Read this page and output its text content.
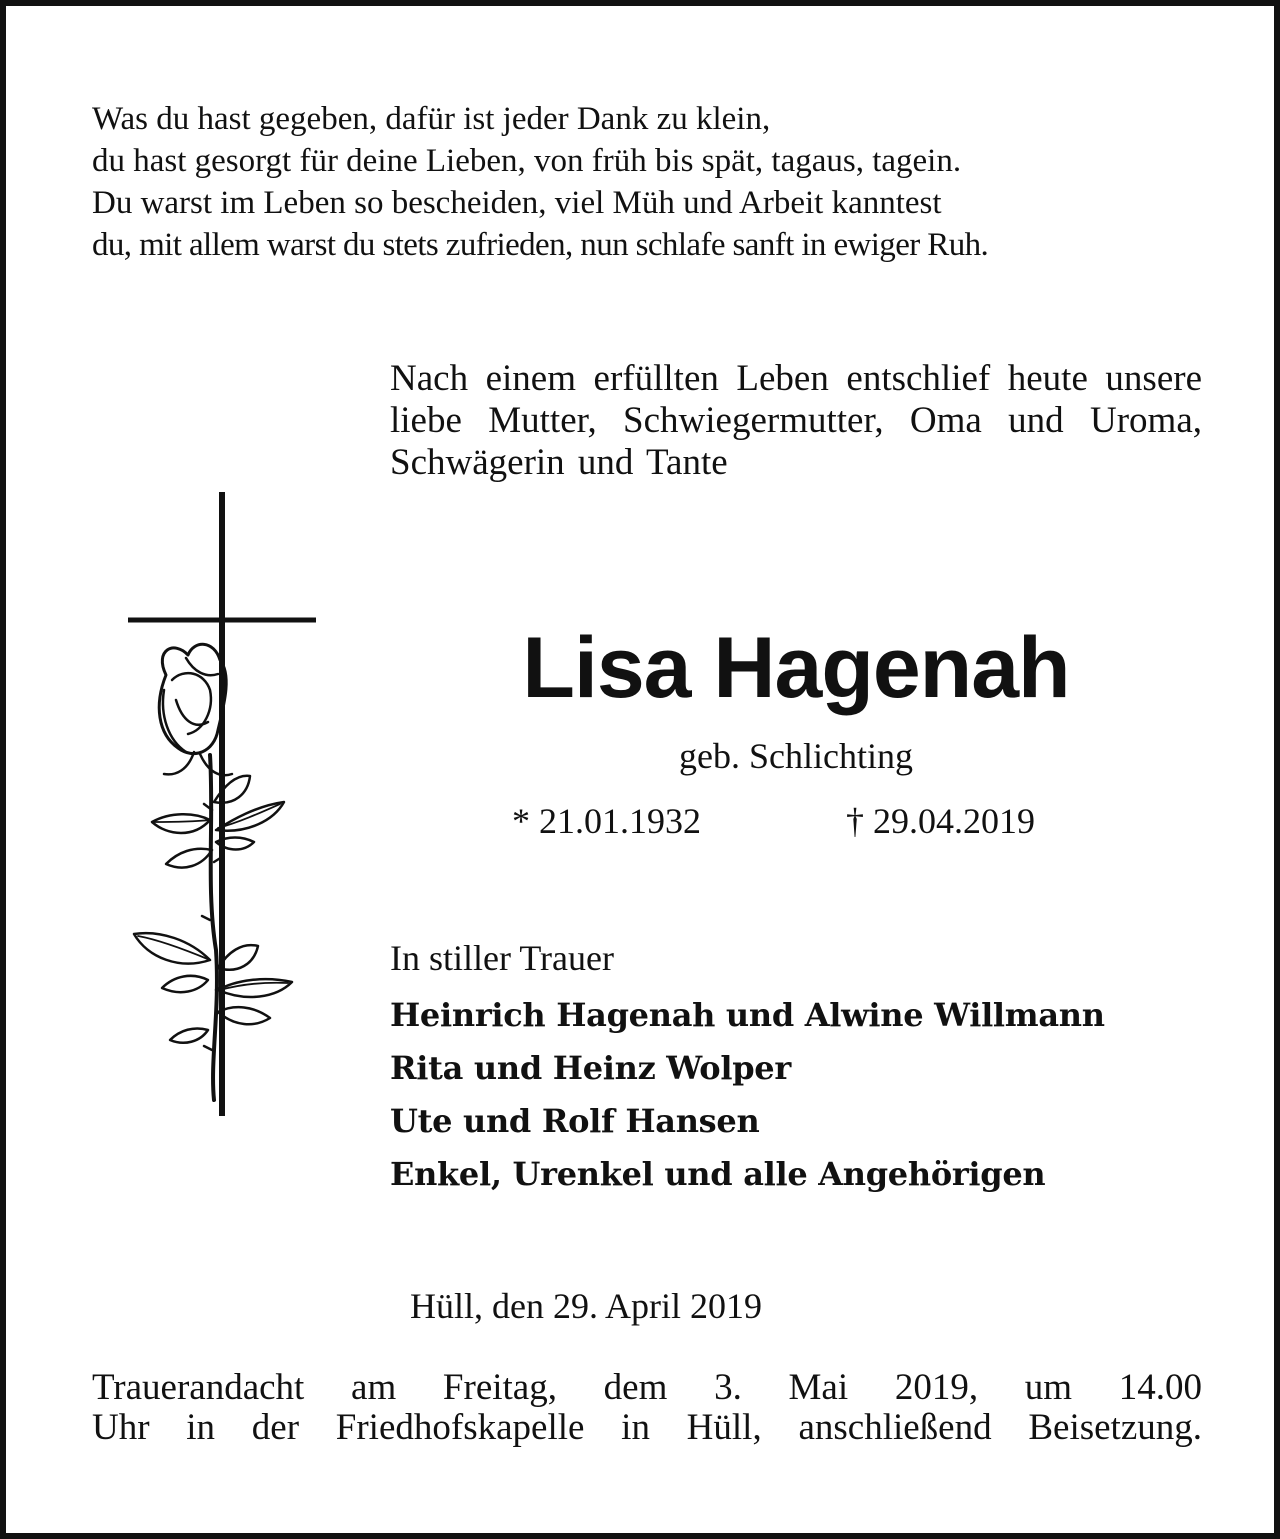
Was du hast gegeben, dafür ist jeder Dank zu klein,
du hast gesorgt für deine Lieben, von früh bis spät, tagaus, tagein.
Du warst im Leben so bescheiden, viel Müh und Arbeit kanntest
du, mit allem warst du stets zufrieden, nun schlafe sanft in ewiger Ruh.
Nach einem erfüllten Leben entschlief heute unsere liebe Mutter, Schwiegermutter, Oma und Uroma, Schwägerin und Tante
Lisa Hagenah
geb. Schlichting
* 21.01.1932	† 29.04.2019
In stiller Trauer
Heinrich Hagenah und Alwine Willmann
Rita und Heinz Wolper
Ute und Rolf Hansen
Enkel, Urenkel und alle Angehörigen
Hüll, den 29. April 2019
Trauerandacht am Freitag, dem 3. Mai 2019, um 14.00
Uhr in der Friedhofskapelle in Hüll, anschließend Beisetzung.
